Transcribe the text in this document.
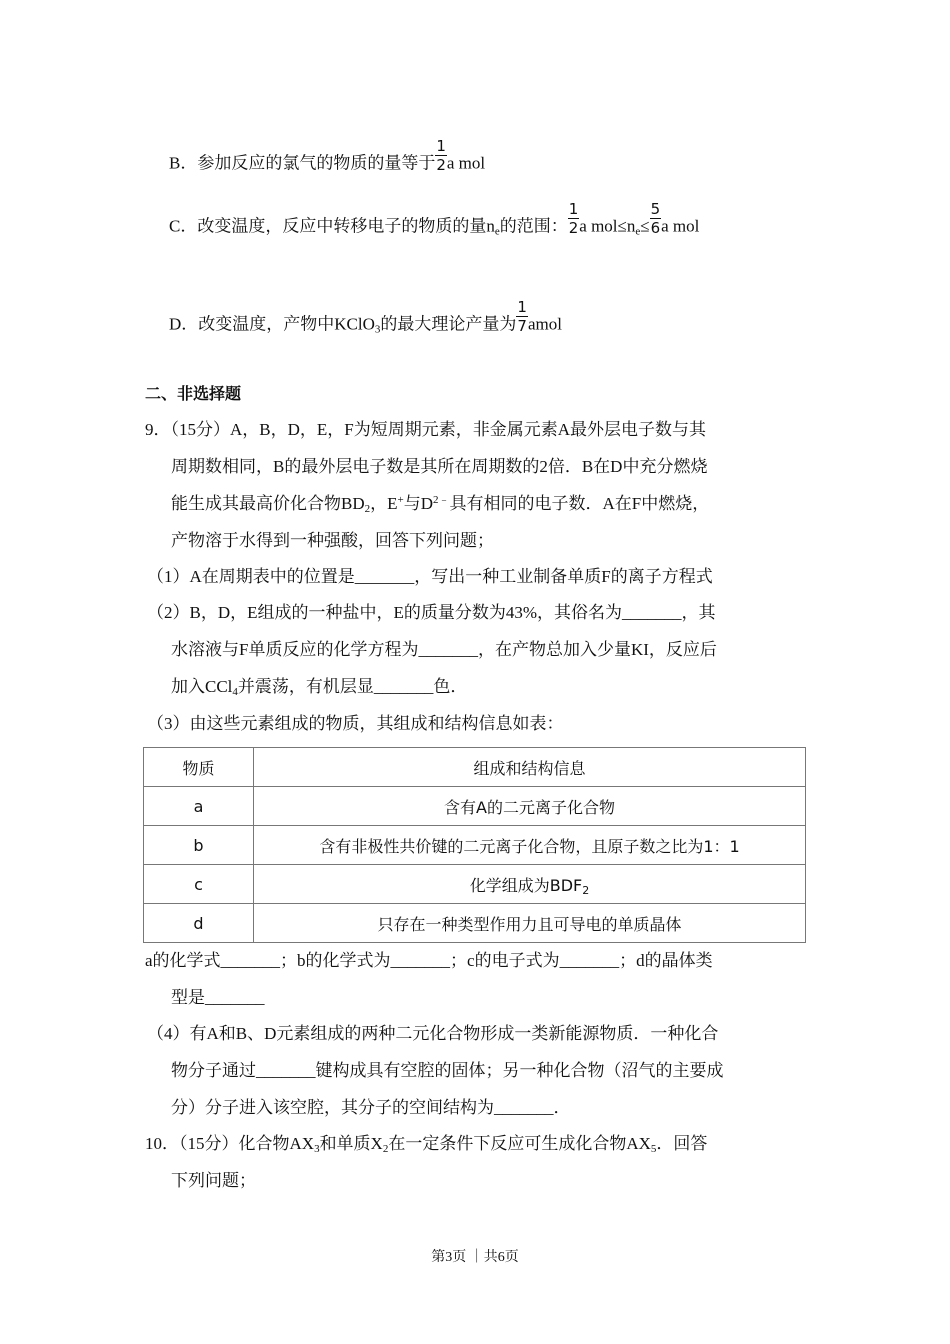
B．参加反应的氯气的物质的量等于 $\frac{1}{2}$ a mol
C．改变温度，反应中转移电子的物质的量$n_e$的范围： $\frac{1}{2}$ a $mol\le n_e\le \frac{5}{6}$ a mol
D．改变温度，产物中KClO$_3$的最大理论产量为 $\frac{1}{7}$ amol
二、非选择题
9．（15分）A，B，D，E，F为短周期元素，非金属元素A最外层电子数与其
周期数相同，B的最外层电子数是其所在周期数的2倍．B在D中充分燃烧
能生成其最高价化合物$BD_2$，E+与$D^{2﹣}$具有相同的电子数．A在F中燃烧，
产物溶于水得到一种强酸，回答下列问题；
（1）A在周期表中的位置是_______，写出一种工业制备单质F的离子方程式
（2）B，D，E组成的一种盐中，E的质量分数为43%，其俗名为_______，其
水溶液与F单质反应的化学方程为_______，在产物总加入少量KI，反应后
加入CCl$_4$并震荡，有机层显_______色．
（3）由这些元素组成的物质，其组成和结构信息如表：
物质	组成和结构信息
a	含有A的二元离子化合物
b	含有非极性共价键的二元离子化合物，且原子数之比为1：1
c	化学组成为$BDF_2$
d	只存在一种类型作用力且可导电的单质晶体
a的化学式_______；b的化学式为_______；c的电子式为_______；d的晶体类
型是_______
（4）有A和B、D元素组成的两种二元化合物形成一类新能源物质．一种化合
物分子通过_______键构成具有空腔的固体；另一种化合物（沼气的主要成
分）分子进入该空腔，其分子的空间结构为_______．
10．（15分）化合物$AX_3$和单质$X_2$在一定条件下反应可生成化合物$AX_5$．回答
下列问题；
第3页 ｜共6页
